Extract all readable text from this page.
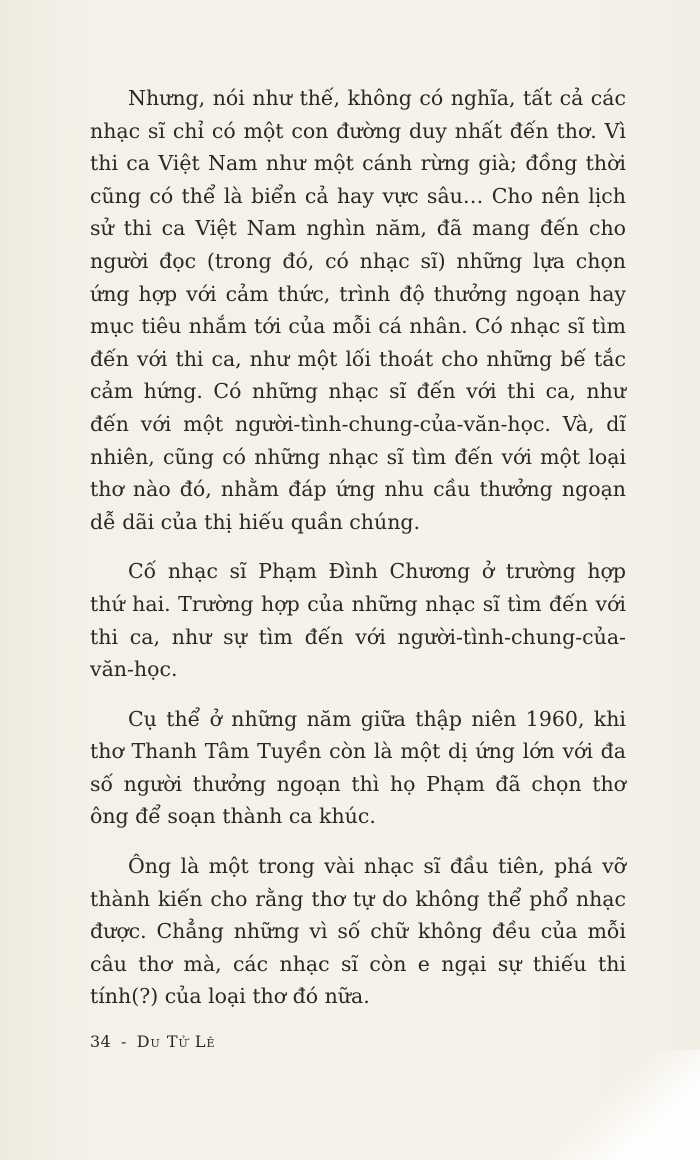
Nhưng, nói như thế, không có nghĩa, tất cả các nhạc sĩ chỉ có một con đường duy nhất đến thơ. Vì thi ca Việt Nam như một cánh rừng già; đồng thời cũng có thể là biển cả hay vực sâu… Cho nên lịch sử thi ca Việt Nam nghìn năm, đã mang đến cho người đọc (trong đó, có nhạc sĩ) những lựa chọn ứng hợp với cảm thức, trình độ thưởng ngoạn hay mục tiêu nhắm tới của mỗi cá nhân. Có nhạc sĩ tìm đến với thi ca, như một lối thoát cho những bế tắc cảm hứng. Có những nhạc sĩ đến với thi ca, như đến với một người-tình-chung-của-văn-học. Và, dĩ nhiên, cũng có những nhạc sĩ tìm đến với một loại thơ nào đó, nhằm đáp ứng nhu cầu thưởng ngoạn dễ dãi của thị hiếu quần chúng.

Cố nhạc sĩ Phạm Đình Chương ở trường hợp thứ hai. Trường hợp của những nhạc sĩ tìm đến với thi ca, như sự tìm đến với người-tình-chung-của-văn-học.

Cụ thể ở những năm giữa thập niên 1960, khi thơ Thanh Tâm Tuyền còn là một dị ứng lớn với đa số người thưởng ngoạn thì họ Phạm đã chọn thơ ông để soạn thành ca khúc.

Ông là một trong vài nhạc sĩ đầu tiên, phá vỡ thành kiến cho rằng thơ tự do không thể phổ nhạc được. Chẳng những vì số chữ không đều của mỗi câu thơ mà, các nhạc sĩ còn e ngại sự thiếu thi tính(?) của loại thơ đó nữa.

34 - Du Tử Lê
